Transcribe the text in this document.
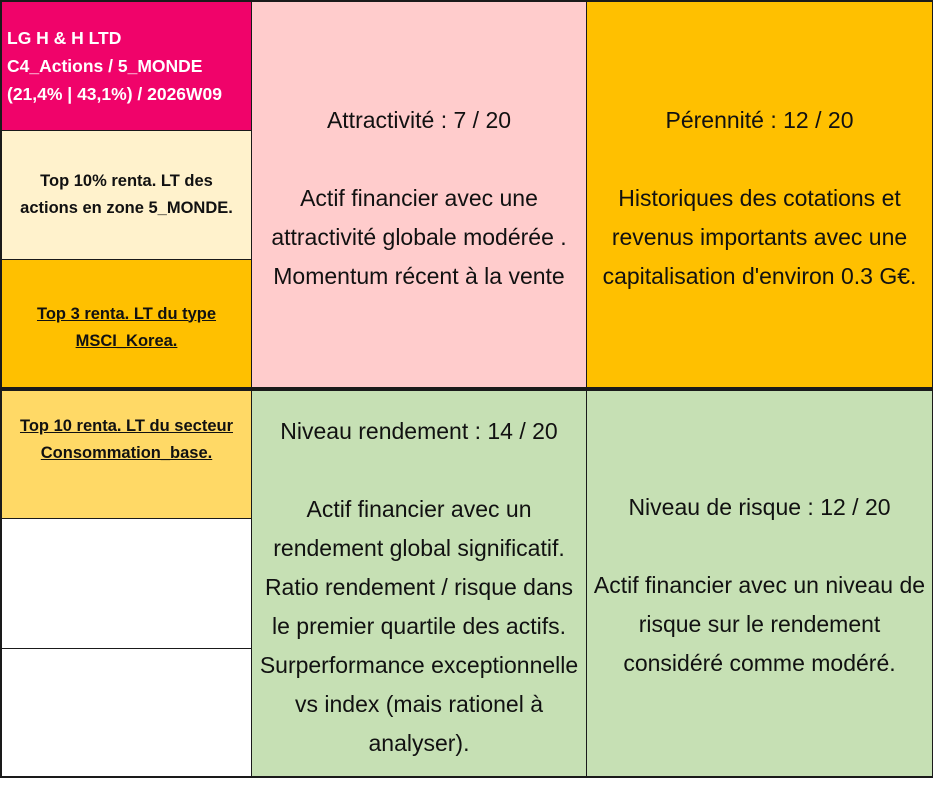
LG H & H LTD
C4_Actions / 5_MONDE
(21,4% | 43,1%) / 2026W09
Top 10% renta. LT des
actions en zone 5_MONDE.
Top 3 renta. LT du type
MSCI_Korea.
Top 10 renta. LT du secteur
Consommation_base.
Attractivité : 7 / 20
Actif financier avec une
attractivité globale modérée .
Momentum récent à la vente
Pérennité : 12 / 20
Historiques des cotations et
revenus importants avec une
capitalisation d'environ 0.3 G€.
Niveau rendement : 14 / 20
Actif financier avec un
rendement global significatif.
Ratio rendement / risque dans
le premier quartile des actifs.
Surperformance exceptionnelle
vs index (mais rationel à
analyser).
Niveau de risque : 12 / 20
Actif financier avec un niveau de
risque sur le rendement
considéré comme modéré.
